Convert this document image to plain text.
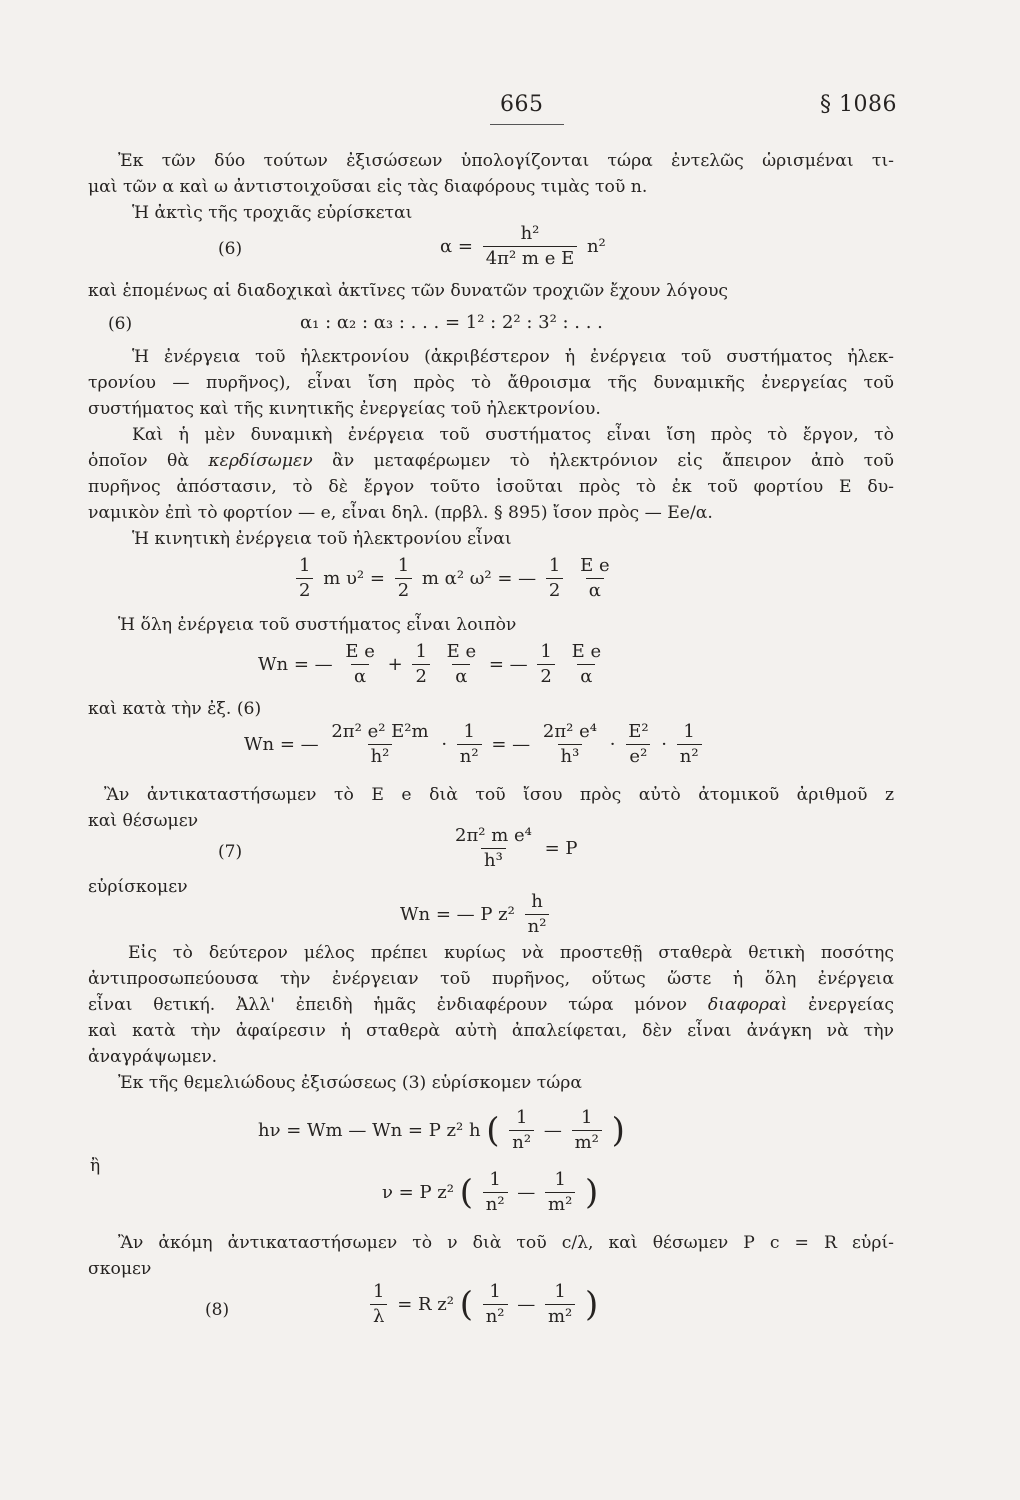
665	§ 1086
Ἐκ τῶν δύο τούτων ἐξισώσεων ὑπολογίζονται τώρα ἐντελῶς ὡρισμέναι τι-
μαὶ τῶν α καὶ ω ἀντιστοιχοῦσαι εἰς τὰς διαφόρους τιμὰς τοῦ n.
Ἡ ἀκτὶς τῆς τροχιᾶς εὑρίσκεται
(6)	$\alpha = \frac{\text{h²}}{\text{4π² m e E}} n^2$
καὶ ἑπομένως αἱ διαδοχικαὶ ἀκτῖνες τῶν δυνατῶν τροχιῶν ἔχουν λόγους
(6)	α₁ : α₂ : α₃ : . . . = 1² : 2² : 3² : . . .
Ἡ ἐνέργεια τοῦ ἠλεκτρονίου (ἀκριβέστερον ἡ ἐνέργεια τοῦ συστήματος ἠλεκ-
τρονίου — πυρῆνος), εἶναι ἴση πρὸς τὸ ἄθροισμα τῆς δυναμικῆς ἐνεργείας τοῦ
συστήματος καὶ τῆς κινητικῆς ἐνεργείας τοῦ ἠλεκτρονίου.
Καὶ ἡ μὲν δυναμικὴ ἐνέργεια τοῦ συστήματος εἶναι ἴση πρὸς τὸ ἔργον, τὸ
ὁποῖον θὰ κερδίσωμεν ἂν μεταφέρωμεν τὸ ἠλεκτρόνιον εἰς ἄπειρον ἀπὸ τοῦ
πυρῆνος ἀπόστασιν, τὸ δὲ ἔργον τοῦτο ἰσοῦται πρὸς τὸ ἐκ τοῦ φορτίου E δυ-
ναμικὸν ἐπὶ τὸ φορτίον — e, εἶναι δηλ. (πρβλ. § 895) ἴσον πρὸς — Ee/α.
Ἡ κινητικὴ ἐνέργεια τοῦ ἠλεκτρονίου εἶναι
$\frac{1}{2}$ m $\upsilon^2 = \frac{1}{2}$ m α² ω² = — $\frac{1}{2}$
$\frac{\text{E e}}{\alpha}$
Ἡ ὅλη ἐνέργεια τοῦ συστήματος εἶναι λοιπὸν
Wn = — $\frac{\text{E e}}{\alpha} + \frac{1}{2}$
$\frac{\text{E e}}{\alpha}$ = — $\frac{1}{2}$
$\frac{\text{E e}}{\alpha}$
καὶ κατὰ τὴν ἐξ. (6)
Wn = — $\frac{\text{2π² e² E²m}}{\text{h²}} \cdot \frac{1}{\text{n²}}$ = — $\frac{\text{2π² e⁴}}{\text{h³}} \cdot \frac{\text{E²}}{\text{e²}} \cdot \frac{1}{\text{n²}}$
Ἂν ἀντικαταστήσωμεν τὸ E e διὰ τοῦ ἴσου πρὸς αὐτὸ ἀτομικοῦ ἀριθμοῦ z
καὶ θέσωμεν
(7)	$\frac{\text{2π² m e⁴}}{\text{h³}} = P$
εὑρίσκομεν
Wn = — P $z^2 \frac{h}{\text{n²}}$
Εἰς τὸ δεύτερον μέλος πρέπει κυρίως νὰ προστεθῇ σταθερὰ θετικὴ ποσότης
ἀντιπροσωπεύουσα τὴν ἐνέργειαν τοῦ πυρῆνος, οὕτως ὥστε ἡ ὅλη ἐνέργεια
εἶναι θετική. Ἀλλ' ἐπειδὴ ἡμᾶς ἐνδιαφέρουν τώρα μόνον διαφοραὶ ἐνεργείας
καὶ κατὰ τὴν ἀφαίρεσιν ἡ σταθερὰ αὐτὴ ἀπαλείφεται, δὲν εἶναι ἀνάγκη νὰ τὴν
ἀναγράψωμεν.
Ἐκ τῆς θεμελιώδους ἐξισώσεως (3) εὑρίσκομεν τώρα
hν = Wm — Wn = P z² h ( $\frac{1}{\text{n²}}$ — $\frac{1}{\text{m²}}$ )
ἢ
ν = P z² ( $\frac{1}{\text{n²}}$ — $\frac{1}{\text{m²}}$ )
Ἂν ἀκόμη ἀντικαταστήσωμεν τὸ ν διὰ τοῦ c/λ, καὶ θέσωμεν P c = R εὑρί-
σκομεν
(8)	$\frac{1}{\lambda} = R$ z² ( $\frac{1}{\text{n²}}$ — $\frac{1}{\text{m²}}$ )
